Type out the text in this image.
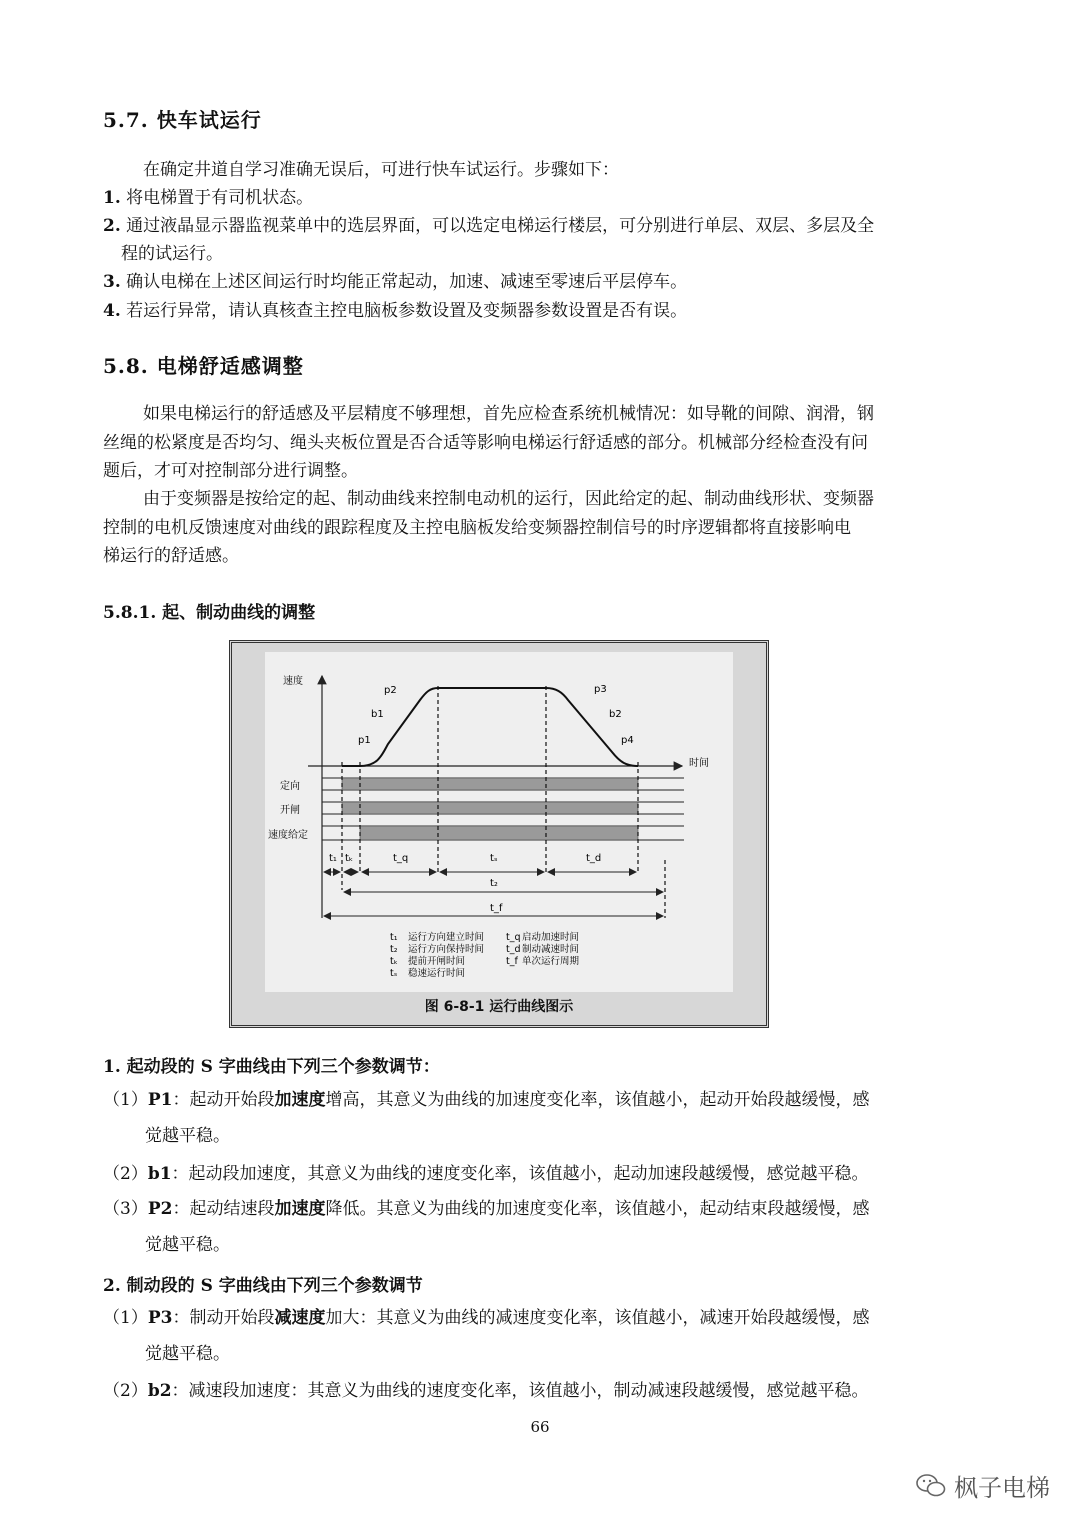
5.7. 快车试运行
在确定井道自学习准确无误后，可进行快车试运行。步骤如下：
1. 将电梯置于有司机状态。
2. 通过液晶显示器监视菜单中的选层界面，可以选定电梯运行楼层，可分别进行单层、双层、多层及全
程的试运行。
3. 确认电梯在上述区间运行时均能正常起动，加速、减速至零速后平层停车。
4. 若运行异常，请认真核查主控电脑板参数设置及变频器参数设置是否有误。
5.8. 电梯舒适感调整
如果电梯运行的舒适感及平层精度不够理想，首先应检查系统机械情况：如导靴的间隙、润滑，钢
丝绳的松紧度是否均匀、绳头夹板位置是否合适等影响电梯运行舒适感的部分。机械部分经检查没有问
题后，才可对控制部分进行调整。
由于变频器是按给定的起、制动曲线来控制电动机的运行，因此给定的起、制动曲线形状、变频器
控制的电机反馈速度对曲线的跟踪程度及主控电脑板发给变频器控制信号的时序逻辑都将直接影响电
梯运行的舒适感。
5.8.1. 起、制动曲线的调整
速度
时间
p2
b1
p1
p3
b2
p4
定向
开闸
速度给定
t₁ tₖ	t_q	tₛ	t_d
t₂
t_f
t₁ 运行方向建立时间
t₂ 运行方向保持时间
tₖ 提前开闸时间
tₛ 稳速运行时间
t_q 启动加速时间
t_d 制动减速时间
t_f 单次运行周期
图 6-8-1 运行曲线图示
1. 起动段的 S 字曲线由下列三个参数调节：
（1）P1：起动开始段加速度增高，其意义为曲线的加速度变化率，该值越小，起动开始段越缓慢，感
觉越平稳。
（2）b1：起动段加速度，其意义为曲线的速度变化率，该值越小，起动加速段越缓慢，感觉越平稳。
（3）P2：起动结速段加速度降低。其意义为曲线的加速度变化率，该值越小，起动结束段越缓慢，感
觉越平稳。
2. 制动段的 S 字曲线由下列三个参数调节
（1）P3：制动开始段减速度加大：其意义为曲线的减速度变化率，该值越小，减速开始段越缓慢，感
觉越平稳。
（2）b2：减速段加速度：其意义为曲线的速度变化率，该值越小，制动减速段越缓慢，感觉越平稳。
66
枫子电梯
